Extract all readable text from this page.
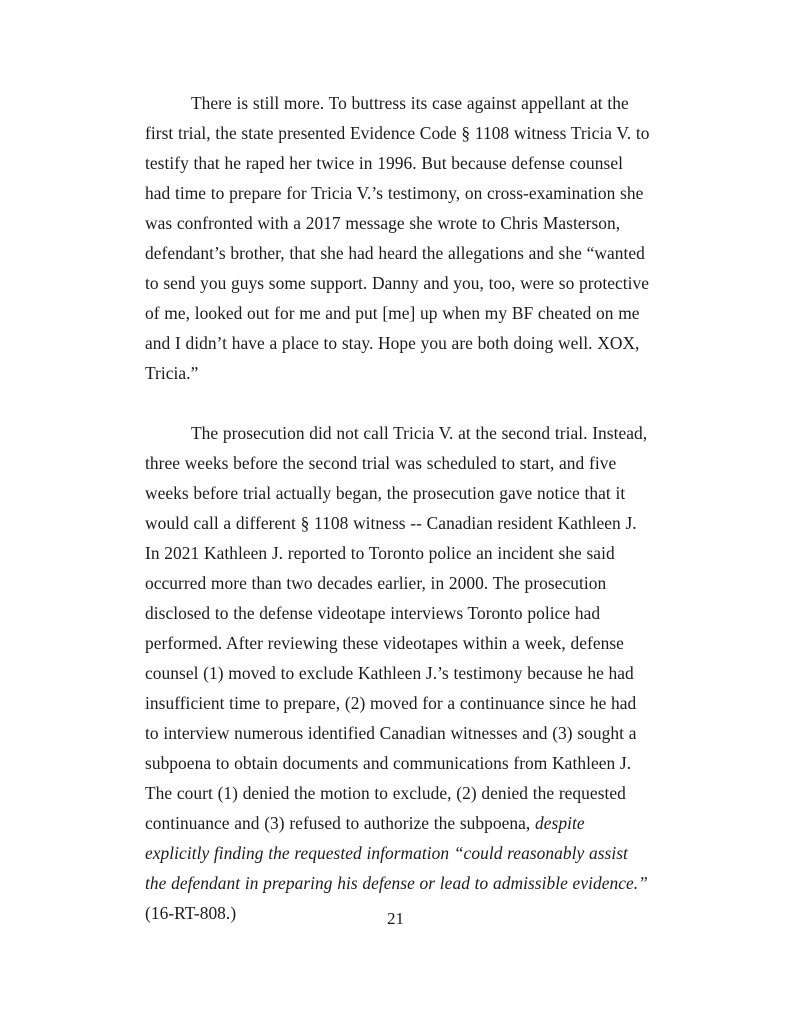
There is still more. To buttress its case against appellant at the first trial, the state presented Evidence Code § 1108 witness Tricia V. to testify that he raped her twice in 1996. But because defense counsel had time to prepare for Tricia V.’s testimony, on cross-examination she was confronted with a 2017 message she wrote to Chris Masterson, defendant’s brother, that she had heard the allegations and she “wanted to send you guys some support. Danny and you, too, were so protective of me, looked out for me and put [me] up when my BF cheated on me and I didn’t have a place to stay. Hope you are both doing well. XOX, Tricia.”

The prosecution did not call Tricia V. at the second trial. Instead, three weeks before the second trial was scheduled to start, and five weeks before trial actually began, the prosecution gave notice that it would call a different § 1108 witness -- Canadian resident Kathleen J. In 2021 Kathleen J. reported to Toronto police an incident she said occurred more than two decades earlier, in 2000. The prosecution disclosed to the defense videotape interviews Toronto police had performed. After reviewing these videotapes within a week, defense counsel (1) moved to exclude Kathleen J.’s testimony because he had insufficient time to prepare, (2) moved for a continuance since he had to interview numerous identified Canadian witnesses and (3) sought a subpoena to obtain documents and communications from Kathleen J. The court (1) denied the motion to exclude, (2) denied the requested continuance and (3) refused to authorize the subpoena, despite explicitly finding the requested information “could reasonably assist the defendant in preparing his defense or lead to admissible evidence.” (16-RT-808.)	21
